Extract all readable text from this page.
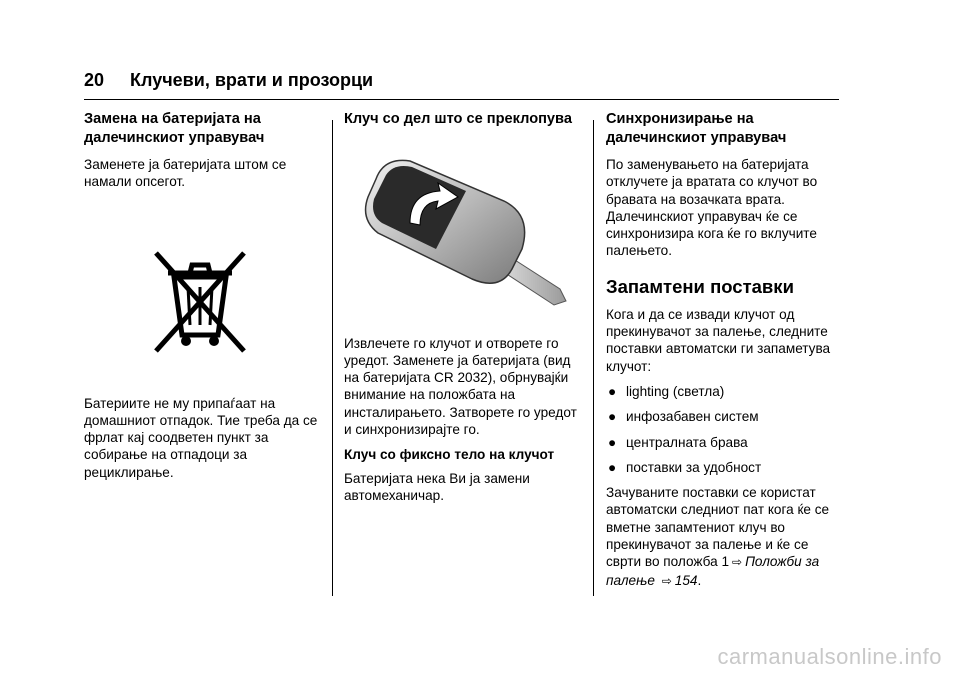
20 Клучеви, врати и прозорци
Замена на батеријата на далечинскиот управувач

Заменете ја батеријата штом се намали опсегот.

Батериите не му припаѓаат на домашниот отпадок. Тие треба да се фрлат кај соодветен пункт за собирање на отпадоци за рециклирање.

Клуч со дел што се преклопува

Извлечете го клучот и отворете го уредот. Заменете ја батеријата (вид на батеријата CR 2032), обрнувајќи внимание на положбата на инсталирањето. Затворете го уредот и синхронизирајте го.

Клуч со фиксно тело на клучот

Батеријата нека Ви ја замени автомеханичар.

Синхронизирање на далечинскиот управувач

По заменувањето на батеријата отклучете ја вратата со клучот во бравата на возачката врата. Далечинскиот управувач ќе се синхронизира кога ќе го вклучите палењето.

Запамтени поставки

Кога и да се извади клучот од прекинувачот за палење, следните поставки автоматски ги запаметува клучот:

● lighting (светла)
● инфозабавен систем
● централната брава
● поставки за удобност

Зачуваните поставки се користат автоматски следниот пат кога ќе се вметне запамтениот клуч во прекинувачот за палење и ќе се сврти во положба 1 ⇨ Положби за палење ⇨ 154.

carmanualsonline.info
